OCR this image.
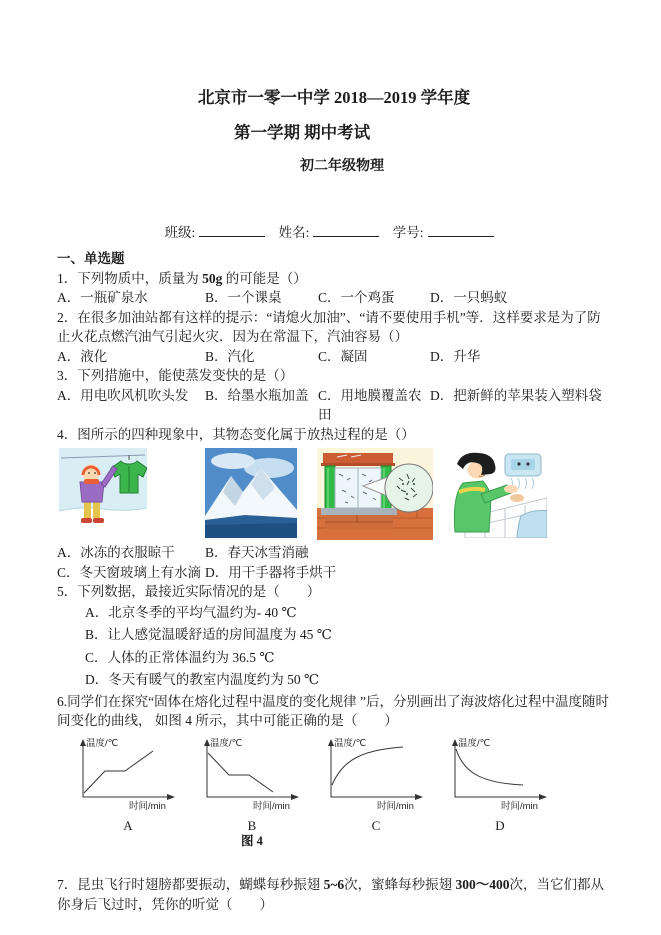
北京市一零一中学 2018—2019 学年度

第一学期 期中考试

初二年级物理

班级:	姓名:	学号:
一、单选题

1．下列物质中，质量为 50g 的可能是（）

A．一瓶矿泉水	B．一个课桌	C．一个鸡蛋	D．一只蚂蚁

2．在很多加油站都有这样的提示：“请熄火加油”、“请不要使用手机”等．这样要求是为了防止火花点燃汽油气引起火灾．因为在常温下，汽油容易（）

A．液化	B．汽化	C．凝固	D．升华

3．下列措施中，能使蒸发变快的是（）

A．用电吹风机吹头发	B．给墨水瓶加盖 C．用地膜覆盖农田
D．把新鲜的苹果装入塑料袋

4．图所示的四种现象中，其物态变化属于放热过程的是（）

A．冰冻的衣服晾干	B．春天冰雪消融
C．冬天窗玻璃上有水滴 D．用干手器将手烘干

5．下列数据，最接近实际情况的是（　　）

A．北京冬季的平均气温约为- 40 ℃
B．让人感觉温暖舒适的房间温度为 45 ℃
C．人体的正常体温约为 36.5 ℃
D．冬天有暖气的教室内温度约为 50 ℃

6.同学们在探究“固体在熔化过程中温度的变化规律 ”后，分别画出了海波熔化过程中温度随时间变化的曲线， 如图 4 所示，其中可能正确的是（　　）

温度/℃
时间/min
A
温度/℃
时间/min
B
图 4
温度/℃
时间/min
C
温度/℃
时间/min
D

7．昆虫飞行时翅膀都要振动，蝴蝶每秒振翅 5~6次，蜜蜂每秒振翅 300～400次，当它们都从你身后飞过时，凭你的听觉（　　）
